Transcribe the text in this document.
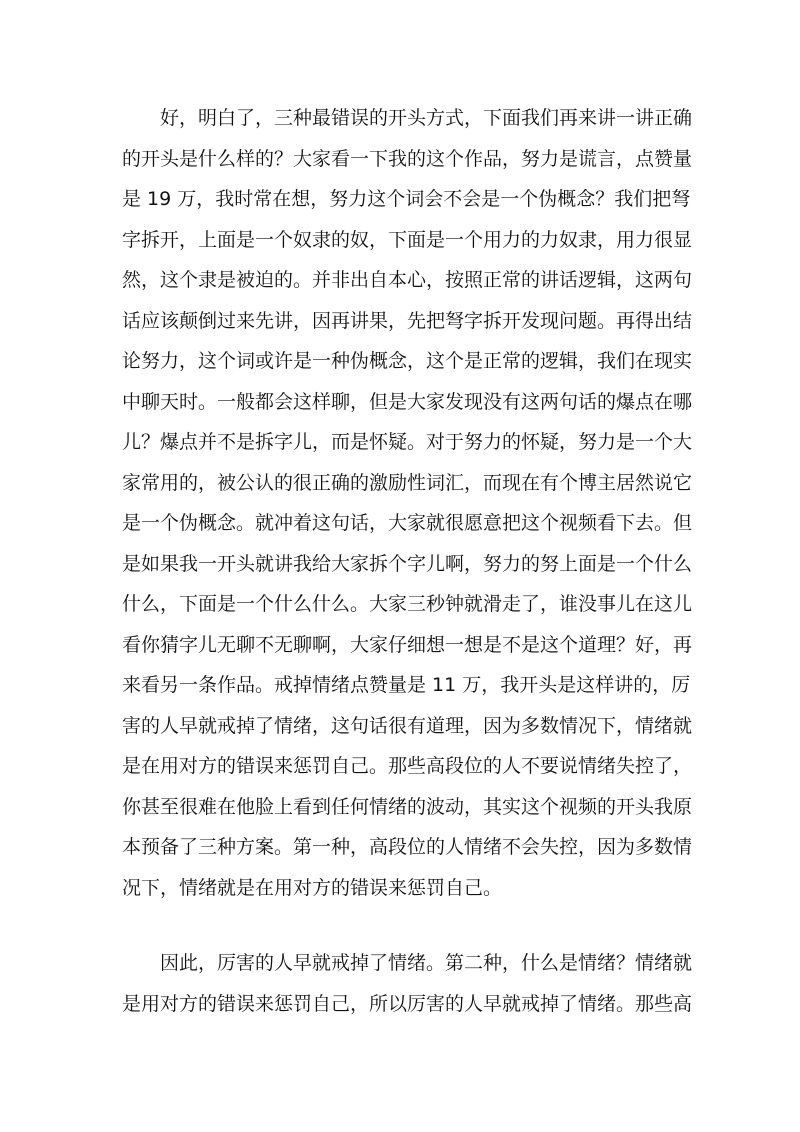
好，明白了，三种最错误的开头方式，下面我们再来讲一讲正确
的开头是什么样的？大家看一下我的这个作品，努力是谎言，点赞量
是 19 万，我时常在想，努力这个词会不会是一个伪概念？我们把弩
字拆开，上面是一个奴隶的奴，下面是一个用力的力奴隶，用力很显
然，这个隶是被迫的。并非出自本心，按照正常的讲话逻辑，这两句
话应该颠倒过来先讲，因再讲果，先把弩字拆开发现问题。再得出结
论努力，这个词或许是一种伪概念，这个是正常的逻辑，我们在现实
中聊天时。一般都会这样聊，但是大家发现没有这两句话的爆点在哪
儿？爆点并不是拆字儿，而是怀疑。对于努力的怀疑，努力是一个大
家常用的，被公认的很正确的激励性词汇，而现在有个博主居然说它
是一个伪概念。就冲着这句话，大家就很愿意把这个视频看下去。但
是如果我一开头就讲我给大家拆个字儿啊，努力的努上面是一个什么
什么，下面是一个什么什么。大家三秒钟就滑走了，谁没事儿在这儿
看你猜字儿无聊不无聊啊，大家仔细想一想是不是这个道理？好，再
来看另一条作品。戒掉情绪点赞量是 11 万，我开头是这样讲的，厉
害的人早就戒掉了情绪，这句话很有道理，因为多数情况下，情绪就
是在用对方的错误来惩罚自己。那些高段位的人不要说情绪失控了，
你甚至很难在他脸上看到任何情绪的波动，其实这个视频的开头我原
本预备了三种方案。第一种，高段位的人情绪不会失控，因为多数情
况下，情绪就是在用对方的错误来惩罚自己。
因此，厉害的人早就戒掉了情绪。第二种，什么是情绪？情绪就
是用对方的错误来惩罚自己，所以厉害的人早就戒掉了情绪。那些高
